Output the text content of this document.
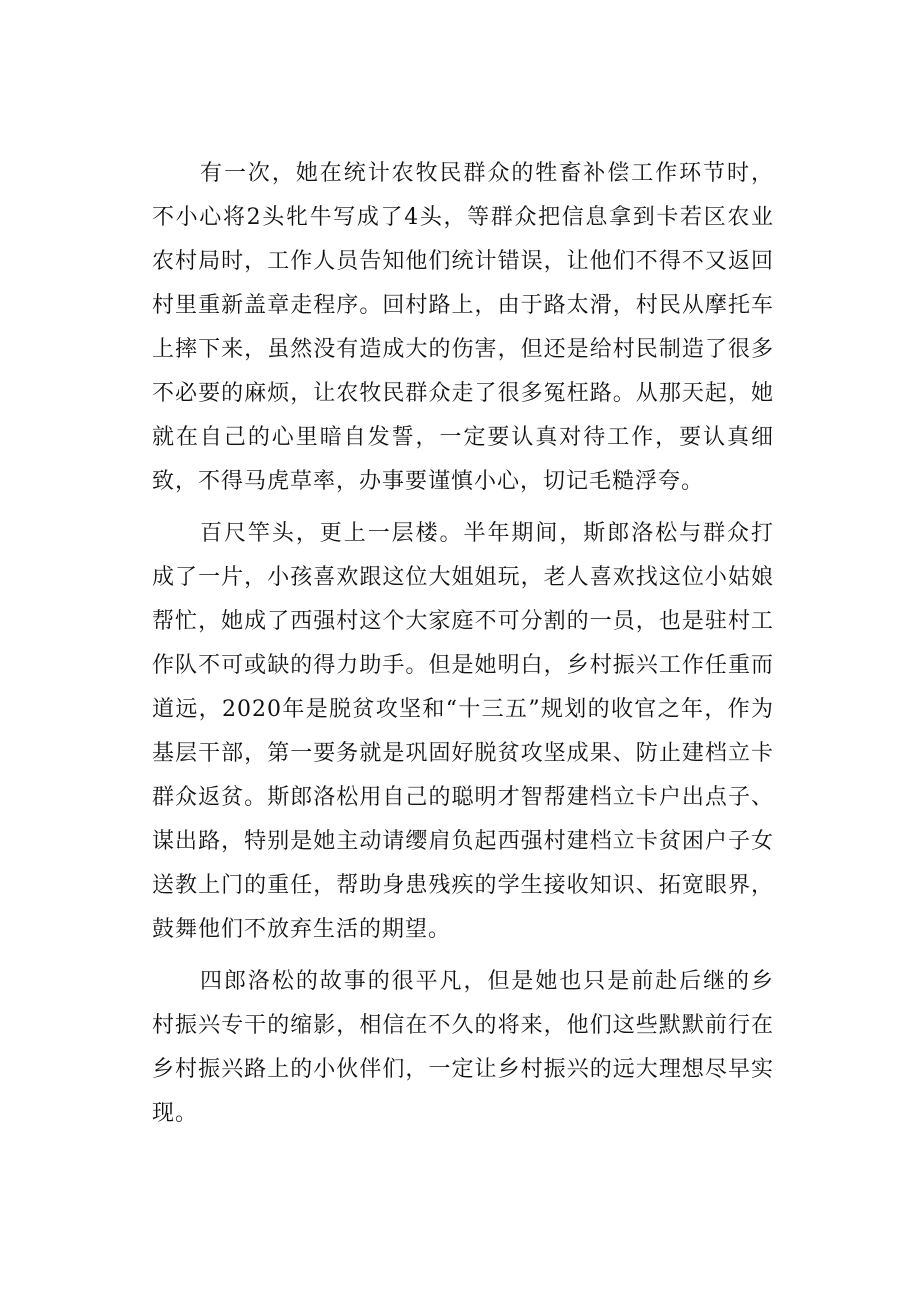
有一次，她在统计农牧民群众的牲畜补偿工作环节时，不小心将2头牝牛写成了4头，等群众把信息拿到卡若区农业农村局时，工作人员告知他们统计错误，让他们不得不又返回村里重新盖章走程序。回村路上，由于路太滑，村民从摩托车上摔下来，虽然没有造成大的伤害，但还是给村民制造了很多不必要的麻烦，让农牧民群众走了很多冤枉路。从那天起，她就在自己的心里暗自发誓，一定要认真对待工作，要认真细致，不得马虎草率，办事要谨慎小心，切记毛糙浮夸。

百尺竿头，更上一层楼。半年期间，斯郎洛松与群众打成了一片，小孩喜欢跟这位大姐姐玩，老人喜欢找这位小姑娘帮忙，她成了西强村这个大家庭不可分割的一员，也是驻村工作队不可或缺的得力助手。但是她明白，乡村振兴工作任重而道远，2020年是脱贫攻坚和“十三五”规划的收官之年，作为基层干部，第一要务就是巩固好脱贫攻坚成果、防止建档立卡群众返贫。斯郎洛松用自己的聪明才智帮建档立卡户出点子、谋出路，特别是她主动请缨肩负起西强村建档立卡贫困户子女送教上门的重任，帮助身患残疾的学生接收知识、拓宽眼界，鼓舞他们不放弃生活的期望。

四郎洛松的故事的很平凡，但是她也只是前赴后继的乡村振兴专干的缩影，相信在不久的将来，他们这些默默前行在乡村振兴路上的小伙伴们，一定让乡村振兴的远大理想尽早实现。
